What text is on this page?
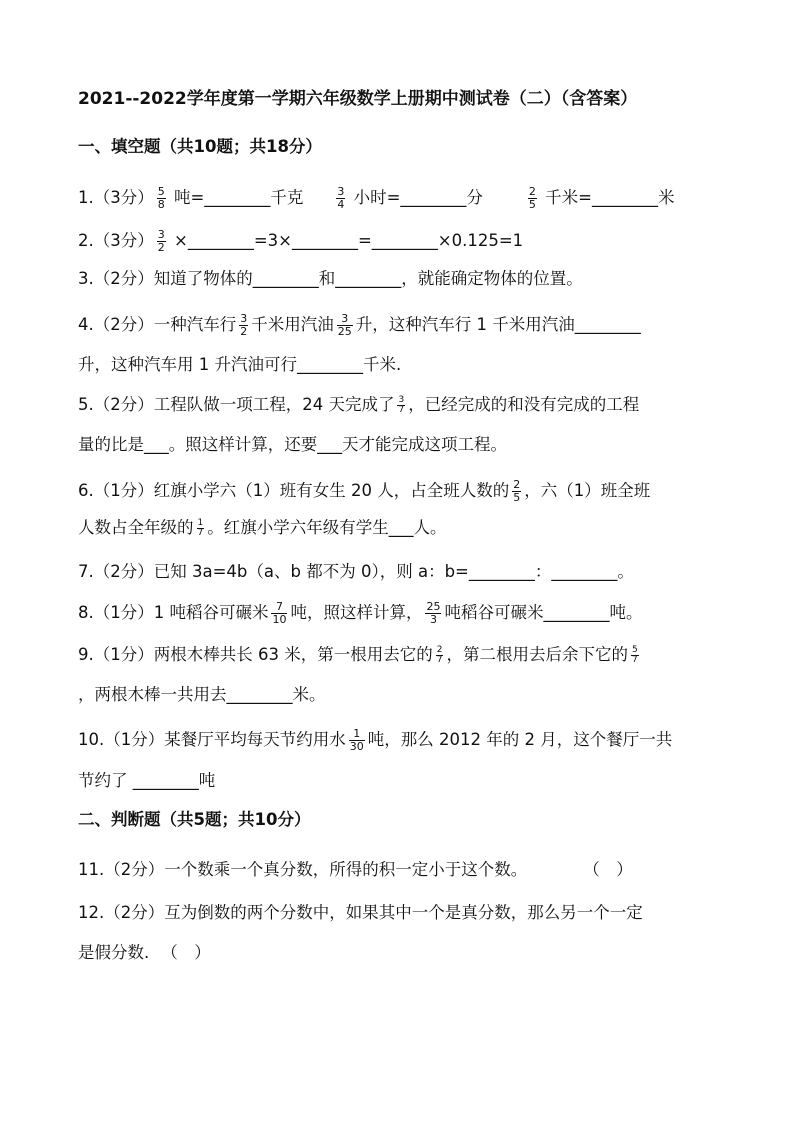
2021--2022学年度第一学期六年级数学上册期中测试卷（二）（含答案）
一、填空题（共10题；共18分）
1.（3分） $\frac{5}{8}$ 吨=________千克	$\frac{3}{4}$ 小时=________分	$\frac{2}{5}$ 千米=________米
2.（3分） $\frac{3}{2}$ ×________=3×________=________×0.125=1
3.（2分）知道了物体的________和________，就能确定物体的位置。
4.（2分）一种汽车行 $\frac{3}{2}$ 千米用汽油 $\frac{3}{25}$ 升，这种汽车行 1 千米用汽油________
升，这种汽车用 1 升汽油可行________千米.
5.（2分）工程队做一项工程，24 天完成了 $\frac{3}{7}$ ，已经完成的和没有完成的工程
量的比是___。照这样计算，还要___天才能完成这项工程。
6.（1分）红旗小学六（1）班有女生 20 人，占全班人数的 $\frac{2}{5}$ ，六（1）班全班
人数占全年级的 $\frac{1}{7}$ 。红旗小学六年级有学生___人。
7.（2分）已知 3a=4b（a、b 都不为 0），则 a：b=________：________。
8.（1分）1 吨稻谷可碾米 $\frac{7}{10}$ 吨，照这样计算， $\frac{25}{3}$ 吨稻谷可碾米________吨。
9.（1分）两根木棒共长 63 米，第一根用去它的 $\frac{2}{7}$ ，第二根用去后余下它的 $\frac{5}{7}$
，两根木棒一共用去________米。
10.（1分）某餐厅平均每天节约用水 $\frac{1}{30}$ 吨，那么 2012 年的 2 月，这个餐厅一共
节约了 ________吨
二、判断题（共5题；共10分）
11.（2分）一个数乘一个真分数，所得的积一定小于这个数。	（　）
12.（2分）互为倒数的两个分数中，如果其中一个是真分数，那么另一个一定
是假分数. （　）
